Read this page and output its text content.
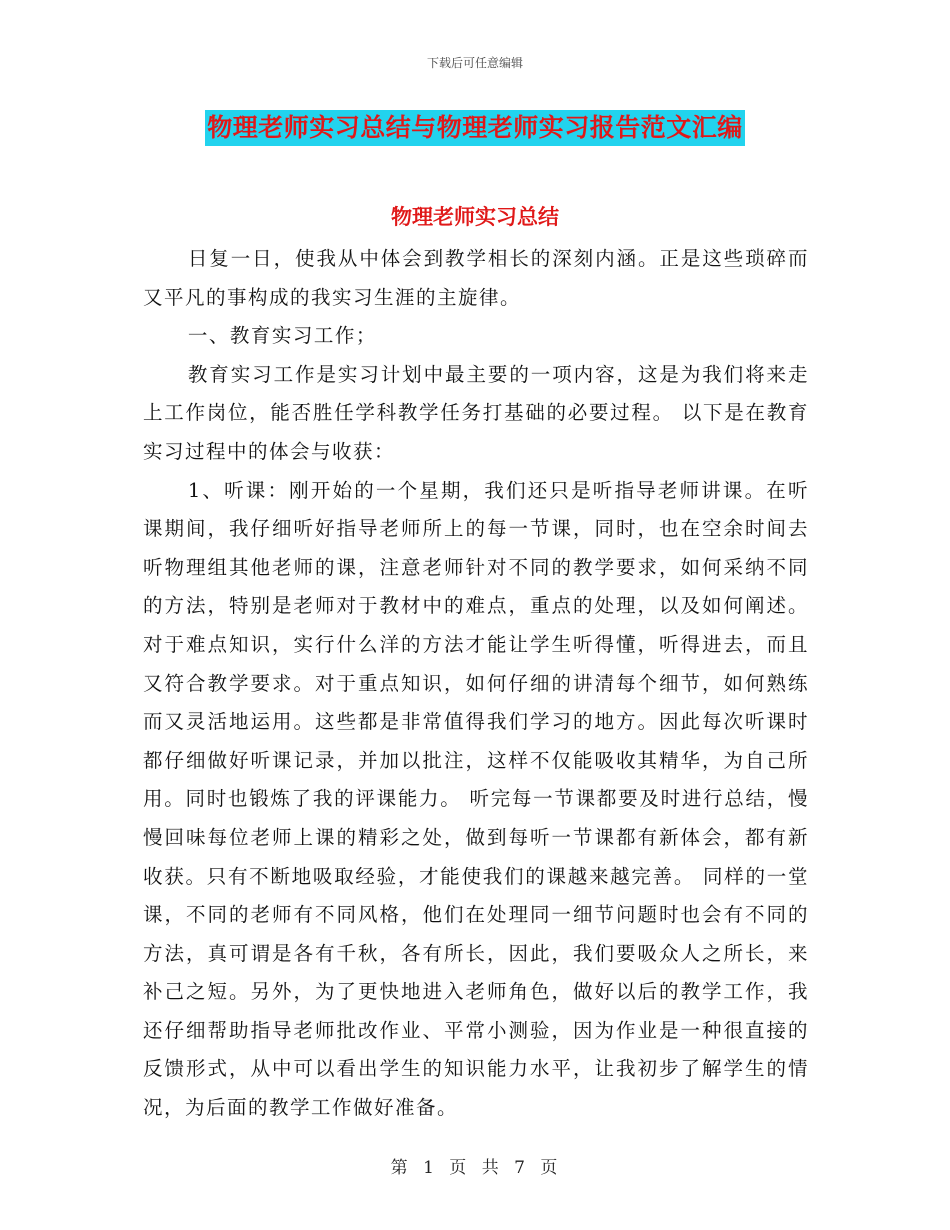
下载后可任意编辑
物理老师实习总结与物理老师实习报告范文汇编
物理老师实习总结

日复一日，使我从中体会到教学相长的深刻内涵。正是这些琐碎而又平凡的事构成的我实习生涯的主旋律。

一、教育实习工作；

教育实习工作是实习计划中最主要的一项内容，这是为我们将来走上工作岗位，能否胜任学科教学任务打基础的必要过程。 以下是在教育实习过程中的体会与收获：

1、听课：刚开始的一个星期，我们还只是听指导老师讲课。在听课期间，我仔细听好指导老师所上的每一节课，同时，也在空余时间去听物理组其他老师的课，注意老师针对不同的教学要求，如何采纳不同的方法，特别是老师对于教材中的难点，重点的处理，以及如何阐述。对于难点知识，实行什么洋的方法才能让学生听得懂，听得进去，而且又符合教学要求。对于重点知识，如何仔细的讲清每个细节，如何熟练而又灵活地运用。这些都是非常值得我们学习的地方。因此每次听课时都仔细做好听课记录，并加以批注，这样不仅能吸收其精华，为自己所用。同时也锻炼了我的评课能力。 听完每一节课都要及时进行总结，慢慢回味每位老师上课的精彩之处，做到每听一节课都有新体会，都有新收获。只有不断地吸取经验，才能使我们的课越来越完善。 同样的一堂课，不同的老师有不同风格，他们在处理同一细节问题时也会有不同的方法，真可谓是各有千秋，各有所长，因此，我们要吸众人之所长，来补己之短。另外，为了更快地进入老师角色，做好以后的教学工作，我还仔细帮助指导老师批改作业、平常小测验，因为作业是一种很直接的反馈形式，从中可以看出学生的知识能力水平，让我初步了解学生的情况，为后面的教学工作做好准备。

第 1 页 共 7 页
